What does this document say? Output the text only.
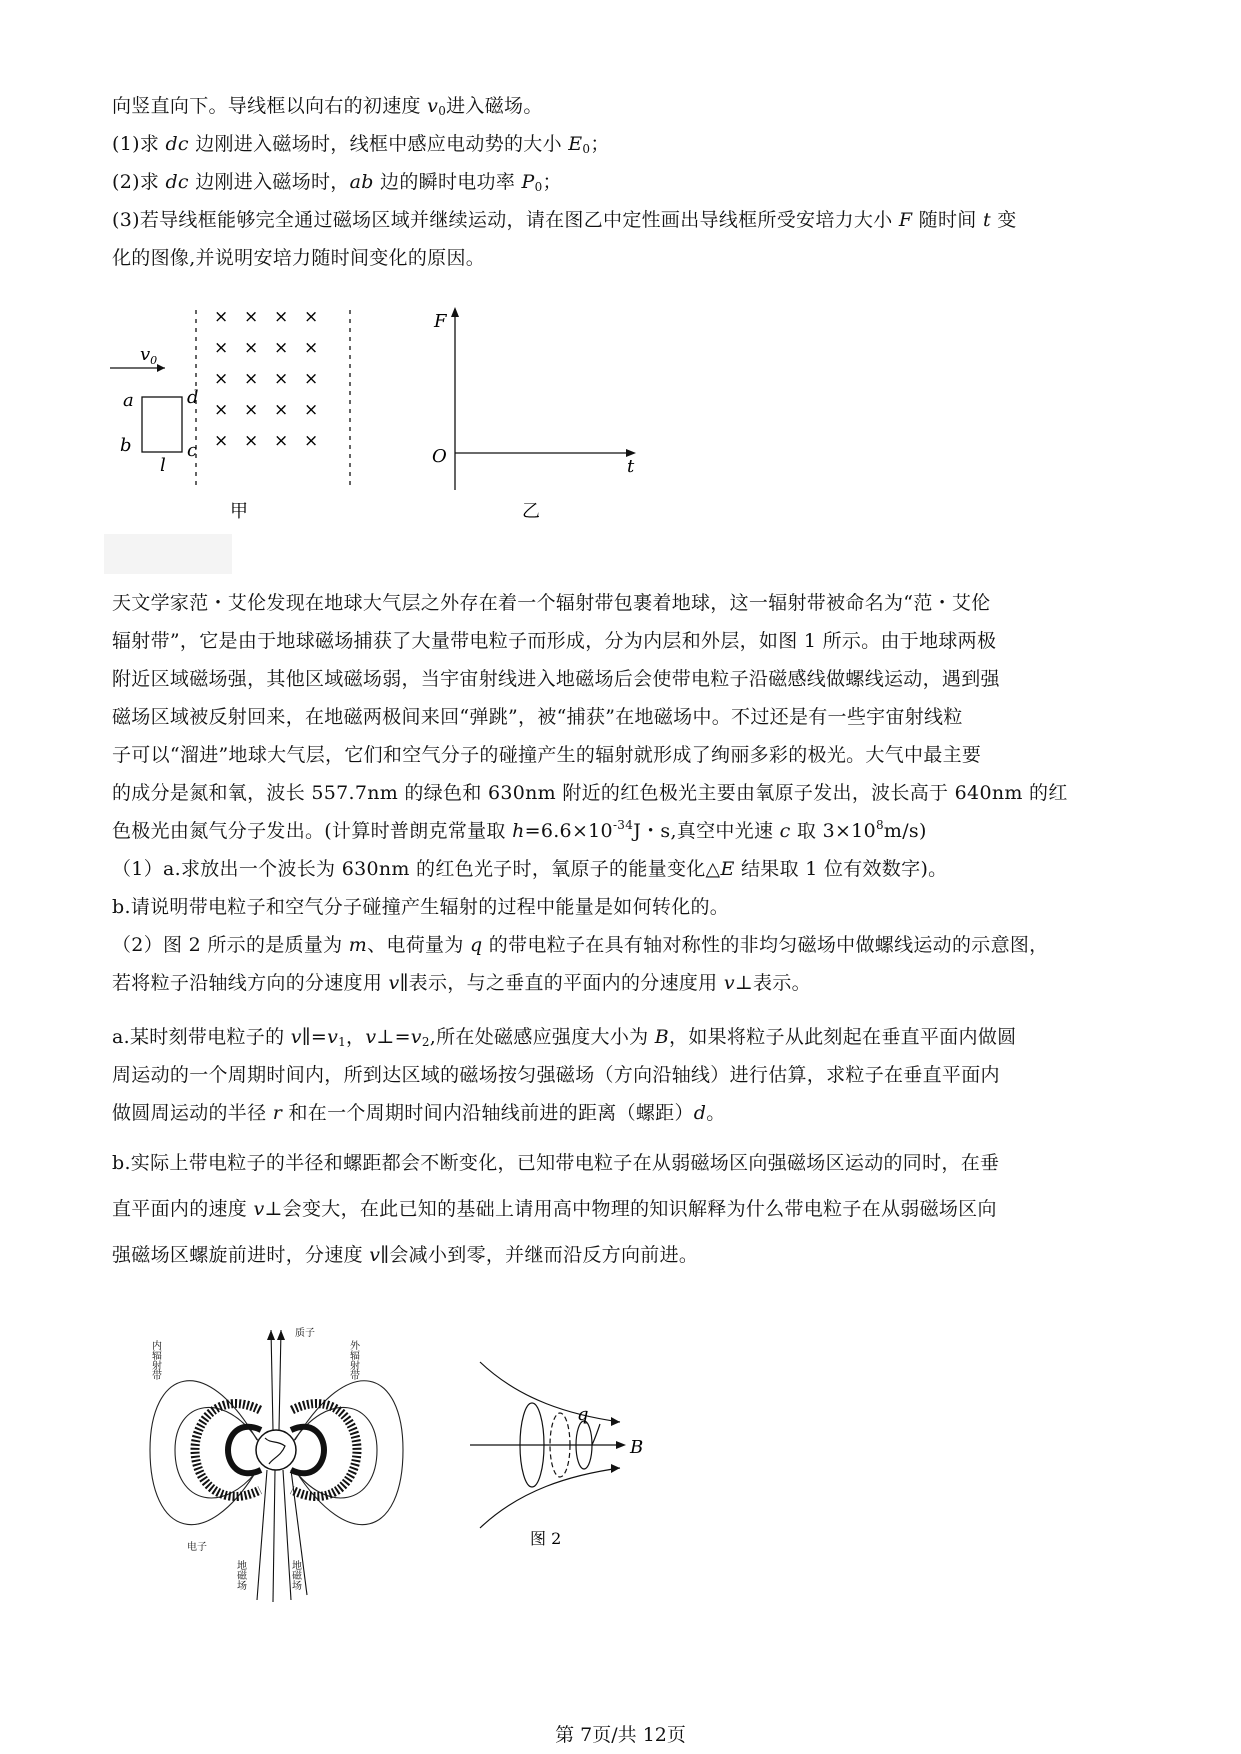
向竖直向下。导线框以向右的初速度 $v_0$进入磁场。
(1)求 dc 边刚进入磁场时，线框中感应电动势的大小 $E_0$；
(2)求 dc 边刚进入磁场时，ab 边的瞬时电功率 $P_0$；
(3)若导线框能够完全通过磁场区域并继续运动，请在图乙中定性画出导线框所受安培力大小 F 随时间 t 变
化的图像,并说明安培力随时间变化的原因。
$v_0$
a
b
d
c
l
× × × ×
× × × ×
× × × ×
× × × ×
× × × ×
甲
F
O	t
乙
天文学家范・艾伦发现在地球大气层之外存在着一个辐射带包裹着地球，这一辐射带被命名为“范・艾伦
辐射带”，它是由于地球磁场捕获了大量带电粒子而形成，分为内层和外层，如图 1 所示。由于地球两极
附近区域磁场强，其他区域磁场弱，当宇宙射线进入地磁场后会使带电粒子沿磁感线做螺线运动，遇到强
磁场区域被反射回来，在地磁两极间来回“弹跳”，被“捕获”在地磁场中。不过还是有一些宇宙射线粒
子可以“溜进”地球大气层，它们和空气分子的碰撞产生的辐射就形成了绚丽多彩的极光。大气中最主要
的成分是氮和氧，波长 557.7nm 的绿色和 630nm 附近的红色极光主要由氧原子发出，波长高于 640nm 的红
色极光由氮气分子发出。(计算时普朗克常量取 $h=6.6\times 10^{-34}J$・s,真空中光速 c 取 $3\times 10^8m/s$)
（1）a.求放出一个波长为 630nm 的红色光子时，氧原子的能量变化△E 结果取 1 位有效数字)。
b.请说明带电粒子和空气分子碰撞产生辐射的过程中能量是如何转化的。
（2）图 2 所示的是质量为 m、电荷量为 q 的带电粒子在具有轴对称性的非均匀磁场中做螺线运动的示意图，
若将粒子沿轴线方向的分速度用 v∥表示，与之垂直的平面内的分速度用 v⊥表示。
a.某时刻带电粒子的 $v\parallel=v_1$，$v\perp=v_2$,所在处磁感应强度大小为 B，如果将粒子从此刻起在垂直平面内做圆
周运动的一个周期时间内，所到达区域的磁场按匀强磁场（方向沿轴线）进行估算，求粒子在垂直平面内
做圆周运动的半径 r 和在一个周期时间内沿轴线前进的距离（螺距）d。
b.实际上带电粒子的半径和螺距都会不断变化，已知带电粒子在从弱磁场区向强磁场区运动的同时，在垂
直平面内的速度 v⊥会变大，在此已知的基础上请用高中物理的知识解释为什么带电粒子在从弱磁场区向
强磁场区螺旋前进时，分速度 v∥会减小到零，并继而沿反方向前进。
内辐射带	外辐射带
质子
电子
地磁场	地磁场
q
B
图 2
第 7页/共 12页
